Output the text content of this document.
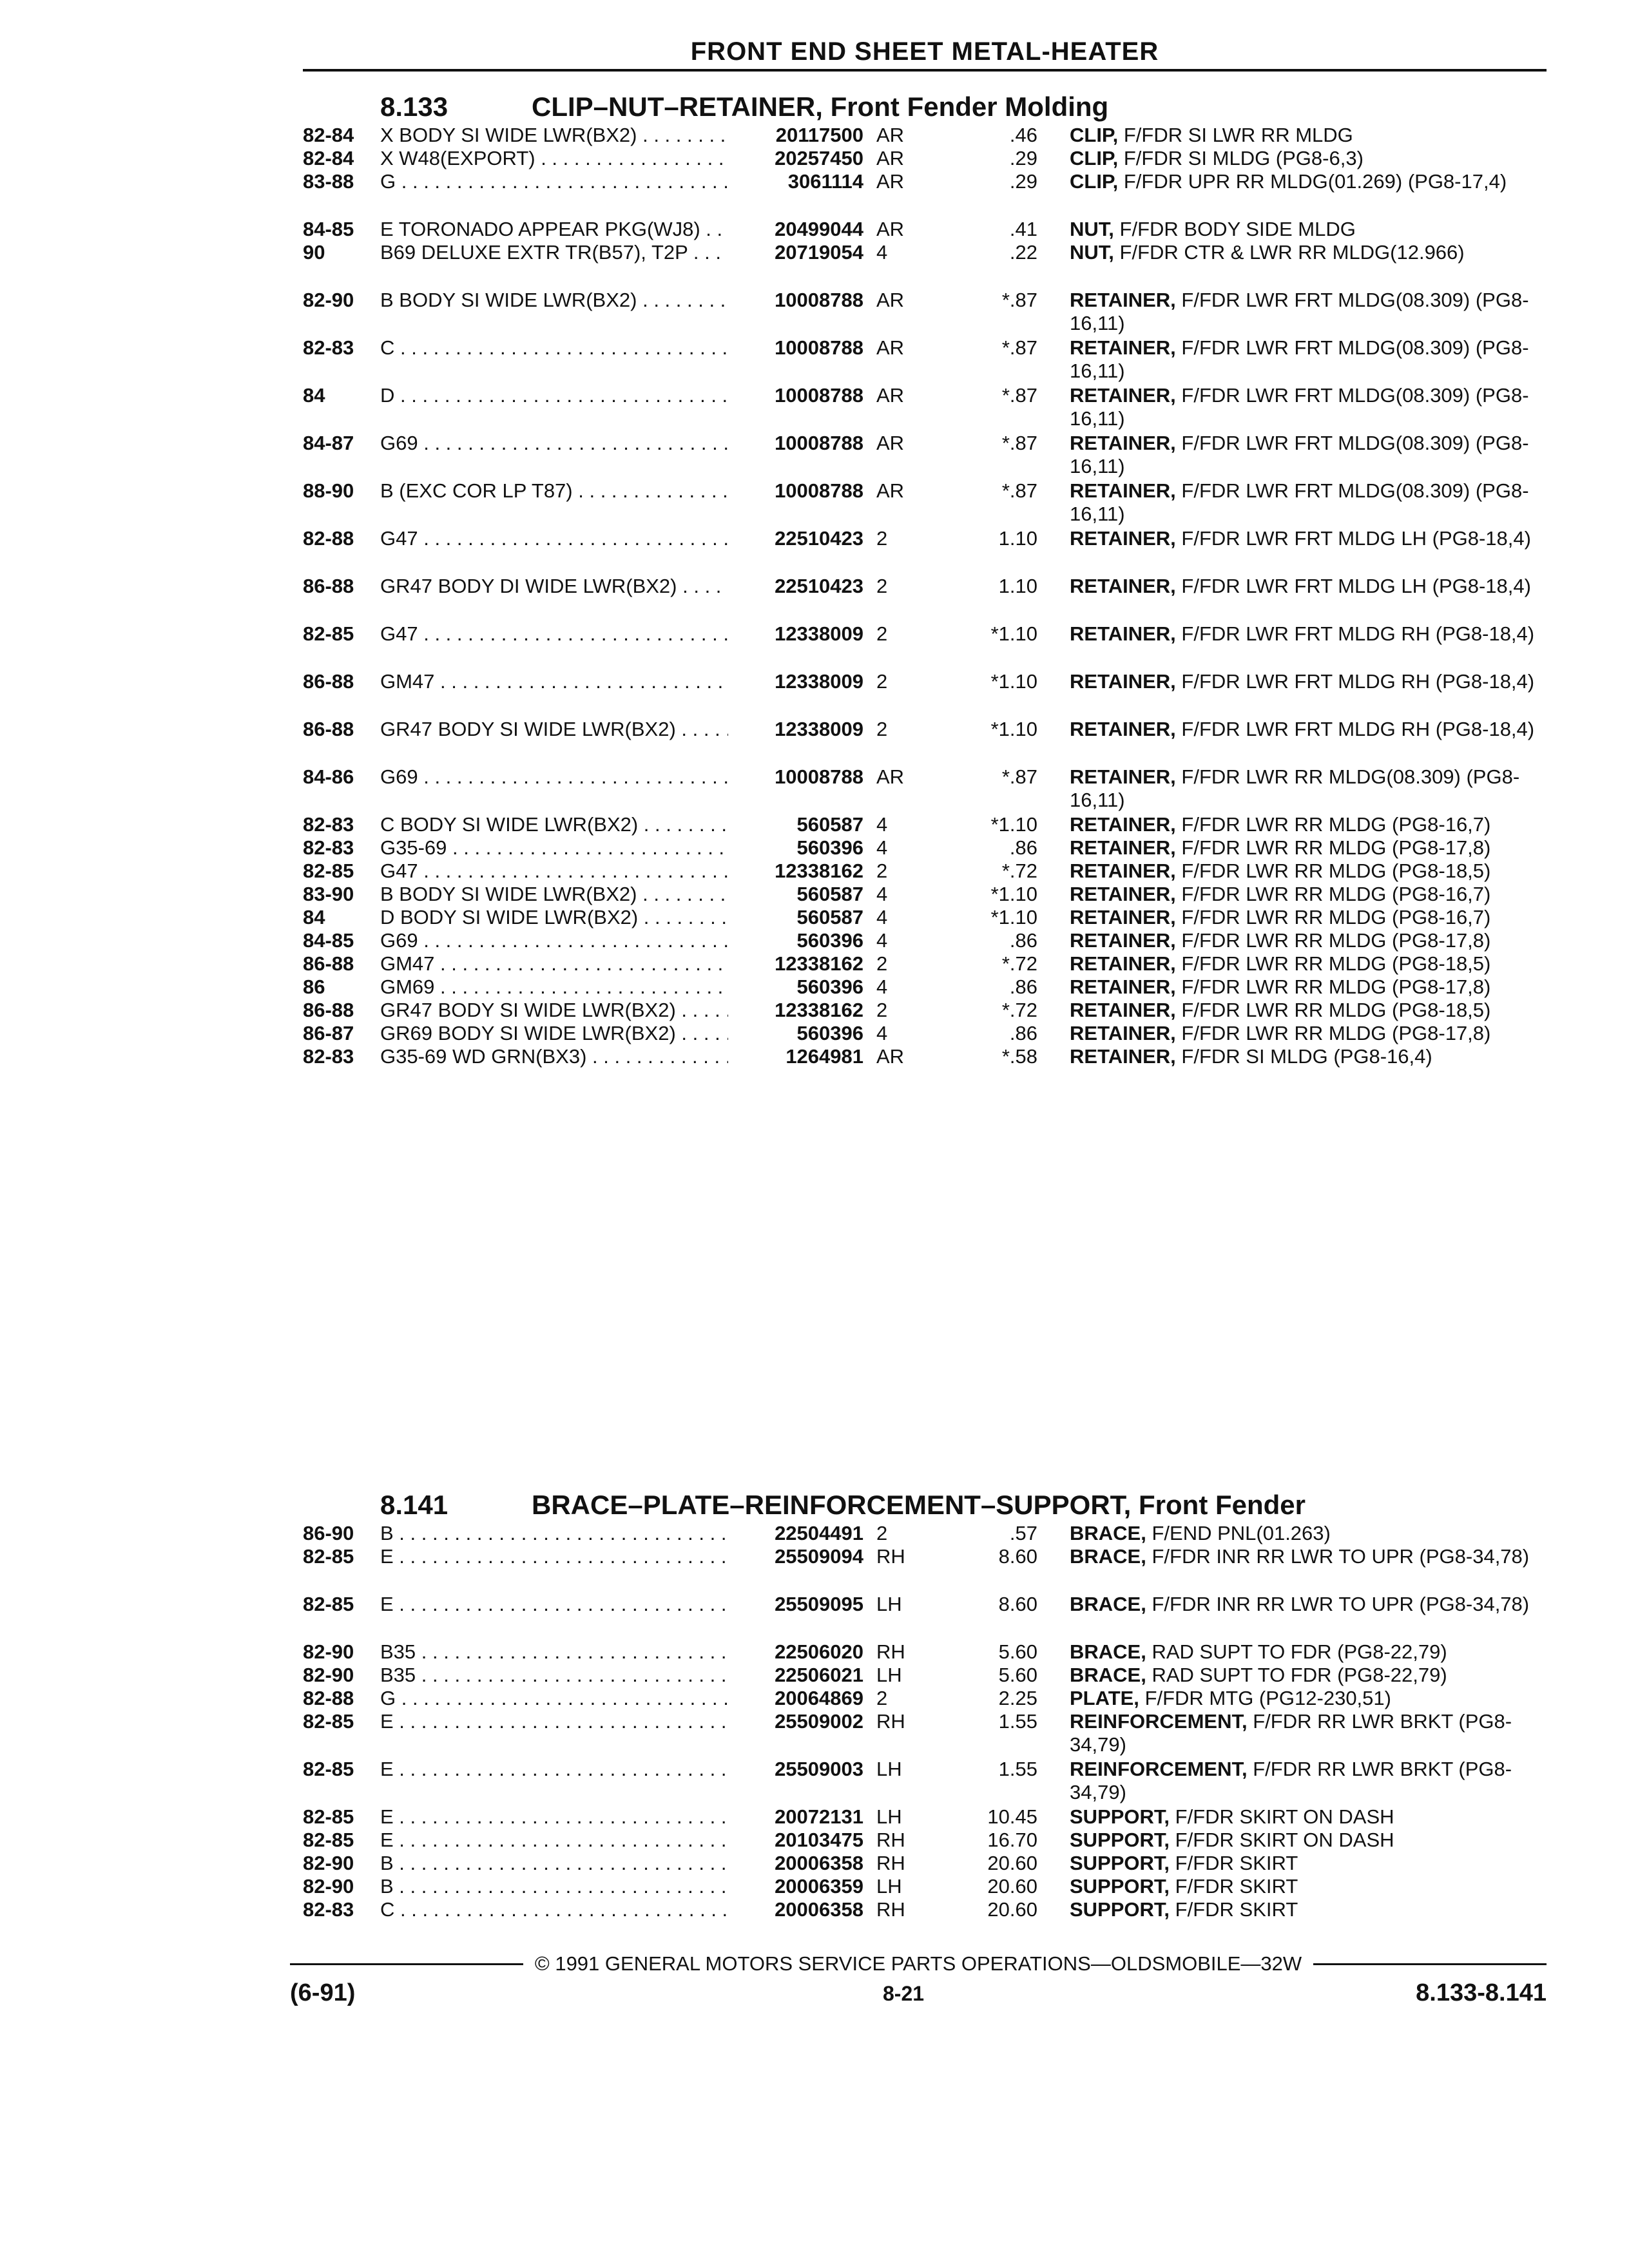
FRONT END SHEET METAL-HEATER
8.133	CLIP–NUT–RETAINER, Front Fender Molding
82-84	X BODY SI WIDE LWR(BX2) . . .	20117500 AR	.46 CLIP, F/FDR SI LWR RR MLDG
82-84	X W48(EXPORT) . . .	20257450 AR	.29 CLIP, F/FDR SI MLDG (PG8-6,3)
83-88	G . . .	3061114 AR	.29 CLIP, F/FDR UPR RR MLDG(01.269) (PG8-17,4)
84-85	E TORONADO APPEAR PKG(WJ8) . . .	20499044 AR	.41 NUT, F/FDR BODY SIDE MLDG
90	B69 DELUXE EXTR TR(B57), T2P . . .	20719054 4	.22 NUT, F/FDR CTR & LWR RR MLDG(12.966)
82-90	B BODY SI WIDE LWR(BX2) . . .	10008788 AR	*.87 RETAINER, F/FDR LWR FRT MLDG(08.309) (PG8-16,11)
82-83	C . . .	10008788 AR	*.87 RETAINER, F/FDR LWR FRT MLDG(08.309) (PG8-16,11)
84	D . . .	10008788 AR	*.87 RETAINER, F/FDR LWR FRT MLDG(08.309) (PG8-16,11)
84-87	G69 . . .	10008788 AR	*.87 RETAINER, F/FDR LWR FRT MLDG(08.309) (PG8-16,11)
88-90	B (EXC COR LP T87) . . .	10008788 AR	*.87 RETAINER, F/FDR LWR FRT MLDG(08.309) (PG8-16,11)
82-88	G47 . . .	22510423 2	1.10 RETAINER, F/FDR LWR FRT MLDG LH (PG8-18,4)
86-88	GR47 BODY DI WIDE LWR(BX2) . . .	22510423 2	1.10 RETAINER, F/FDR LWR FRT MLDG LH (PG8-18,4)
82-85	G47 . . .	12338009 2	*1.10 RETAINER, F/FDR LWR FRT MLDG RH (PG8-18,4)
86-88	GM47 . . .	12338009 2	*1.10 RETAINER, F/FDR LWR FRT MLDG RH (PG8-18,4)
86-88	GR47 BODY SI WIDE LWR(BX2) . . .	12338009 2	*1.10 RETAINER, F/FDR LWR FRT MLDG RH (PG8-18,4)
84-86	G69 . . .	10008788 AR	*.87 RETAINER, F/FDR LWR RR MLDG(08.309) (PG8-16,11)
82-83	C BODY SI WIDE LWR(BX2) . . .	560587 4	*1.10 RETAINER, F/FDR LWR RR MLDG (PG8-16,7)
82-83	G35-69 . . .	560396 4	.86 RETAINER, F/FDR LWR RR MLDG (PG8-17,8)
82-85	G47 . . .	12338162 2	*.72 RETAINER, F/FDR LWR RR MLDG (PG8-18,5)
83-90	B BODY SI WIDE LWR(BX2) . . .	560587 4	*1.10 RETAINER, F/FDR LWR RR MLDG (PG8-16,7)
84	D BODY SI WIDE LWR(BX2) . . .	560587 4	*1.10 RETAINER, F/FDR LWR RR MLDG (PG8-16,7)
84-85	G69 . . .	560396 4	.86 RETAINER, F/FDR LWR RR MLDG (PG8-17,8)
86-88	GM47 . . .	12338162 2	*.72 RETAINER, F/FDR LWR RR MLDG (PG8-18,5)
86	GM69 . . .	560396 4	.86 RETAINER, F/FDR LWR RR MLDG (PG8-17,8)
86-88	GR47 BODY SI WIDE LWR(BX2) . . .	12338162 2	*.72 RETAINER, F/FDR LWR RR MLDG (PG8-18,5)
86-87	GR69 BODY SI WIDE LWR(BX2) . . .	560396 4	.86 RETAINER, F/FDR LWR RR MLDG (PG8-17,8)
82-83	G35-69 WD GRN(BX3) . . .	1264981 AR	*.58 RETAINER, F/FDR SI MLDG (PG8-16,4)
8.141	BRACE–PLATE–REINFORCEMENT–SUPPORT, Front Fender
86-90	B . . .	22504491 2	.57 BRACE, F/END PNL(01.263)
82-85	E . . .	25509094 RH	8.60 BRACE, F/FDR INR RR LWR TO UPR (PG8-34,78)
82-85	E . . .	25509095 LH	8.60 BRACE, F/FDR INR RR LWR TO UPR (PG8-34,78)
82-90	B35 . . .	22506020 RH	5.60 BRACE, RAD SUPT TO FDR (PG8-22,79)
82-90	B35 . . .	22506021 LH	5.60 BRACE, RAD SUPT TO FDR (PG8-22,79)
82-88	G . . .	20064869 2	2.25 PLATE, F/FDR MTG (PG12-230,51)
82-85	E . . .	25509002 RH	1.55 REINFORCEMENT, F/FDR RR LWR BRKT (PG8-34,79)
82-85	E . . .	25509003 LH	1.55 REINFORCEMENT, F/FDR RR LWR BRKT (PG8-34,79)
82-85	E . . .	20072131 LH	10.45 SUPPORT, F/FDR SKIRT ON DASH
82-85	E . . .	20103475 RH	16.70 SUPPORT, F/FDR SKIRT ON DASH
82-90	B . . .	20006358 RH	20.60 SUPPORT, F/FDR SKIRT
82-90	B . . .	20006359 LH	20.60 SUPPORT, F/FDR SKIRT
82-83	C . . .	20006358 RH	20.60 SUPPORT, F/FDR SKIRT
© 1991 GENERAL MOTORS SERVICE PARTS OPERATIONS—OLDSMOBILE—32W
(6-91)	8-21	8.133-8.141
